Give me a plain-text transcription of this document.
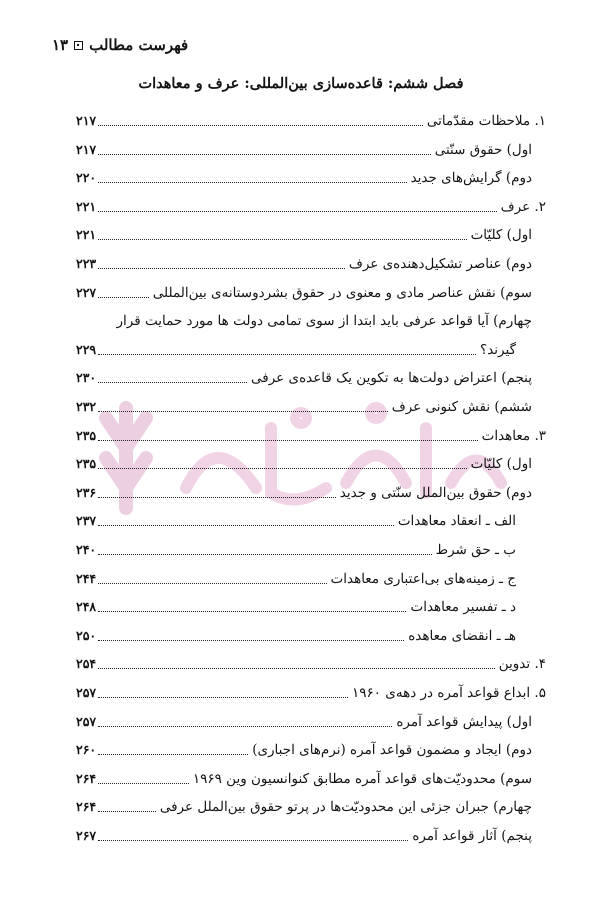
فهرست مطالب
۱۳
فصل ششم: قاعده‌سازی بین‌المللی: عرف و معاهدات
۱. ملاحظات مقدّماتی
۲۱۷
اول) حقوق سنّتی
۲۱۷
دوم) گرایش‌های جدید
۲۲۰
۲. عرف
۲۲۱
اول) کلیّات
۲۲۱
دوم) عناصر تشکیل‌دهنده‌ی عرف
۲۲۳
سوم) نقش عناصر مادی و معنوی در حقوق بشردوستانه‌ی بین‌المللی
۲۲۷
چهارم) آیا قواعد عرفی باید ابتدا از سوی تمامی دولت ها مورد حمایت قرار
گیرند؟
۲۲۹
پنجم) اعتراض دولت‌ها به تکوین یک قاعده‌ی عرفی
۲۳۰
ششم) نقش کنونی عرف
۲۳۲
۳. معاهدات
۲۳۵
اول) کلیّات
۲۳۵
دوم) حقوق بین‌الملل سنّتی و جدید
۲۳۶
الف ـ انعقاد معاهدات
۲۳۷
ب ـ حق شرط
۲۴۰
ج ـ زمینه‌های بی‌اعتباری معاهدات
۲۴۴
د ـ تفسیر معاهدات
۲۴۸
هـ ـ انقضای معاهده
۲۵۰
۴. تدوین
۲۵۴
۵. ابداع قواعد آمره در دهه‌ی ۱۹۶۰
۲۵۷
اول) پیدایش قواعد آمره
۲۵۷
دوم) ایجاد و مضمون قواعد آمره (نرم‌های اجباری)
۲۶۰
سوم) محدودیّت‌های قواعد آمره مطابق کنوانسیون وین ۱۹۶۹
۲۶۴
چهارم) جبران جزئی این محدودیّت‌ها در پرتو حقوق بین‌الملل عرفی
۲۶۴
پنجم) آثار قواعد آمره
۲۶۷
